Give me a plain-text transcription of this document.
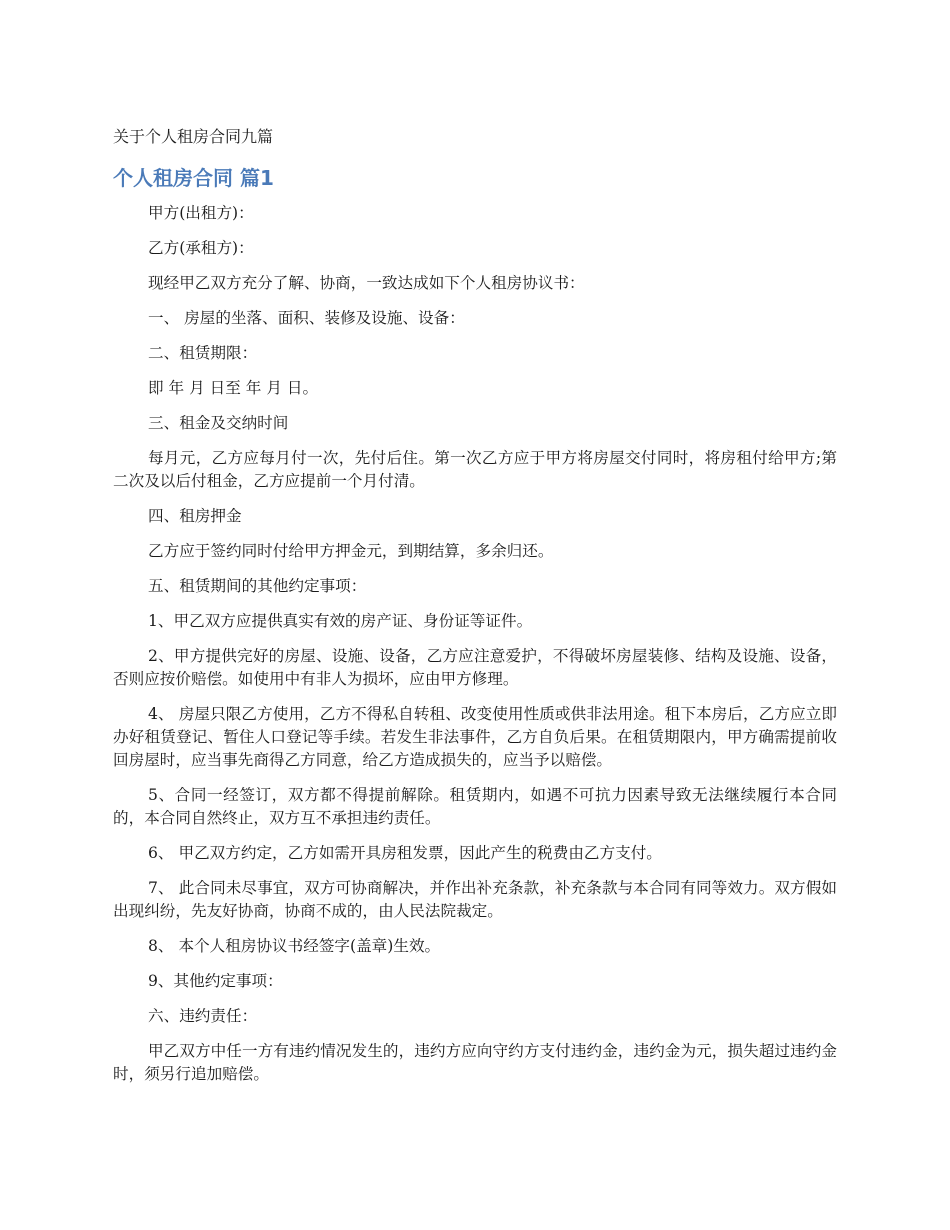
关于个人租房合同九篇

个人租房合同 篇1

甲方(出租方)：

乙方(承租方)：

现经甲乙双方充分了解、协商，一致达成如下个人租房协议书：

一、 房屋的坐落、面积、装修及设施、设备：

二、租赁期限：

即 年 月 日至 年 月 日。

三、租金及交纳时间

每月元，乙方应每月付一次，先付后住。第一次乙方应于甲方将房屋交付同时，将房租付给甲方;第二次及以后付租金，乙方应提前一个月付清。

四、租房押金

乙方应于签约同时付给甲方押金元，到期结算，多余归还。

五、租赁期间的其他约定事项：

1、甲乙双方应提供真实有效的房产证、身份证等证件。

2、甲方提供完好的房屋、设施、设备，乙方应注意爱护，不得破坏房屋装修、结构及设施、设备，否则应按价赔偿。如使用中有非人为损坏，应由甲方修理。

4、 房屋只限乙方使用，乙方不得私自转租、改变使用性质或供非法用途。租下本房后，乙方应立即办好租赁登记、暂住人口登记等手续。若发生非法事件，乙方自负后果。在租赁期限内，甲方确需提前收回房屋时，应当事先商得乙方同意，给乙方造成损失的，应当予以赔偿。

5、合同一经签订，双方都不得提前解除。租赁期内，如遇不可抗力因素导致无法继续履行本合同的，本合同自然终止，双方互不承担违约责任。

6、 甲乙双方约定，乙方如需开具房租发票，因此产生的税费由乙方支付。

7、 此合同未尽事宜，双方可协商解决，并作出补充条款，补充条款与本合同有同等效力。双方假如出现纠纷，先友好协商，协商不成的，由人民法院裁定。

8、 本个人租房协议书经签字(盖章)生效。

9、其他约定事项：

六、违约责任：

甲乙双方中任一方有违约情况发生的，违约方应向守约方支付违约金，违约金为元，损失超过违约金时，须另行追加赔偿。
